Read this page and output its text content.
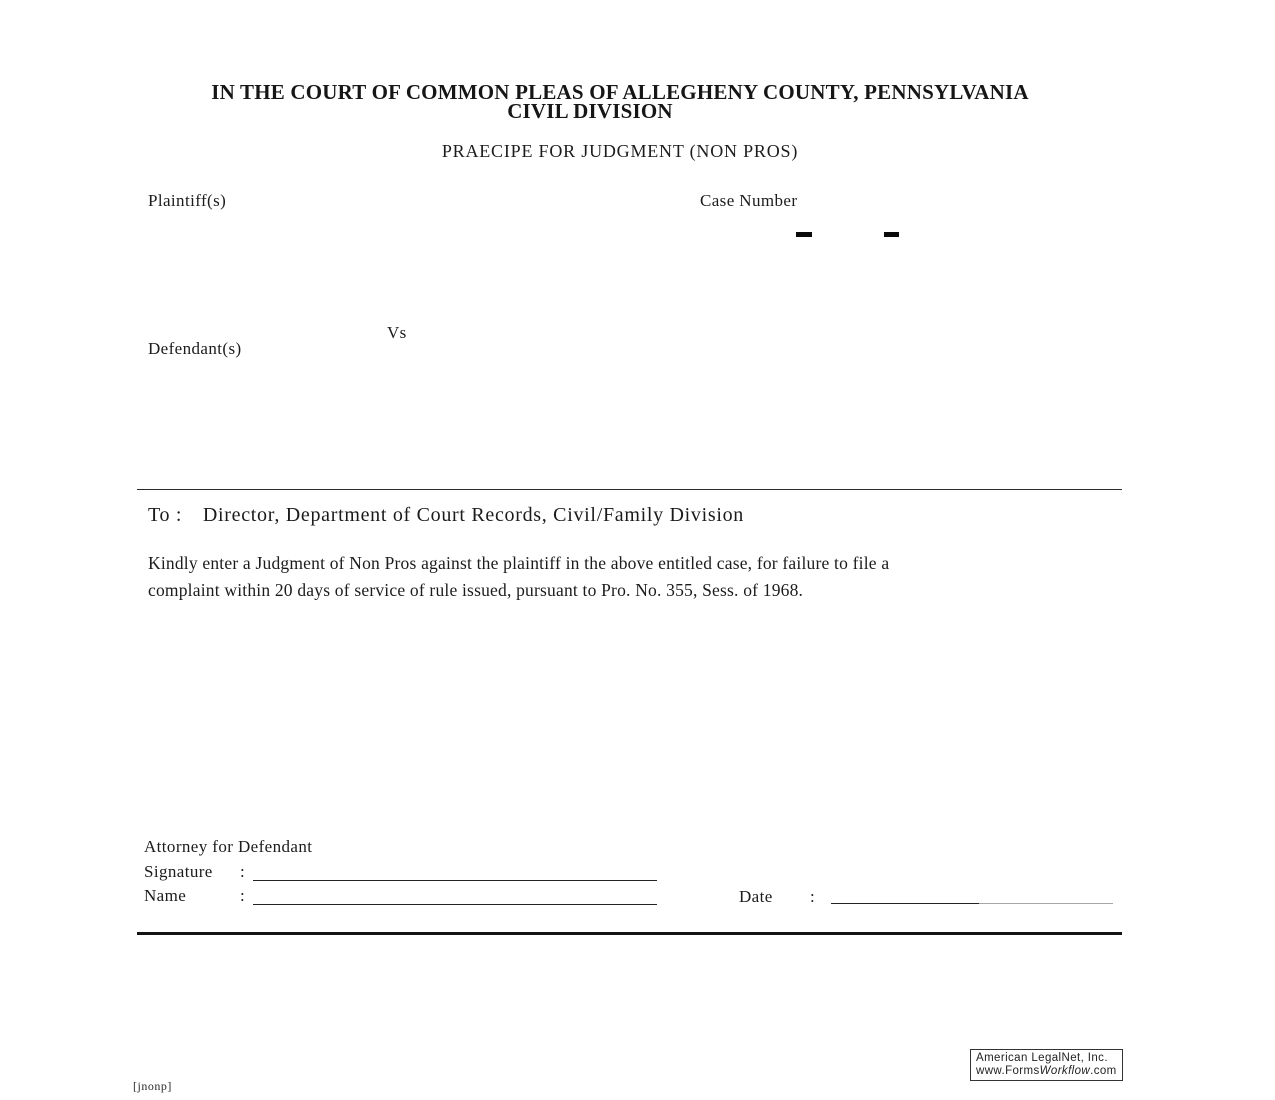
IN THE COURT OF COMMON PLEAS OF ALLEGHENY COUNTY, PENNSYLVANIA
CIVIL DIVISION
PRAECIPE FOR JUDGMENT (NON PROS)
Plaintiff(s)	Case Number
Vs
Defendant(s)
To : Director, Department of Court Records, Civil/Family Division
Kindly enter a Judgment of Non Pros against the plaintiff in the above entitled case, for failure to file a
complaint within 20 days of service of rule issued, pursuant to Pro. No. 355, Sess. of 1968.
Attorney for Defendant
Signature :
Name	:	Date :
[jnonp]
American LegalNet, Inc.
www.FormsWorkflow.com
